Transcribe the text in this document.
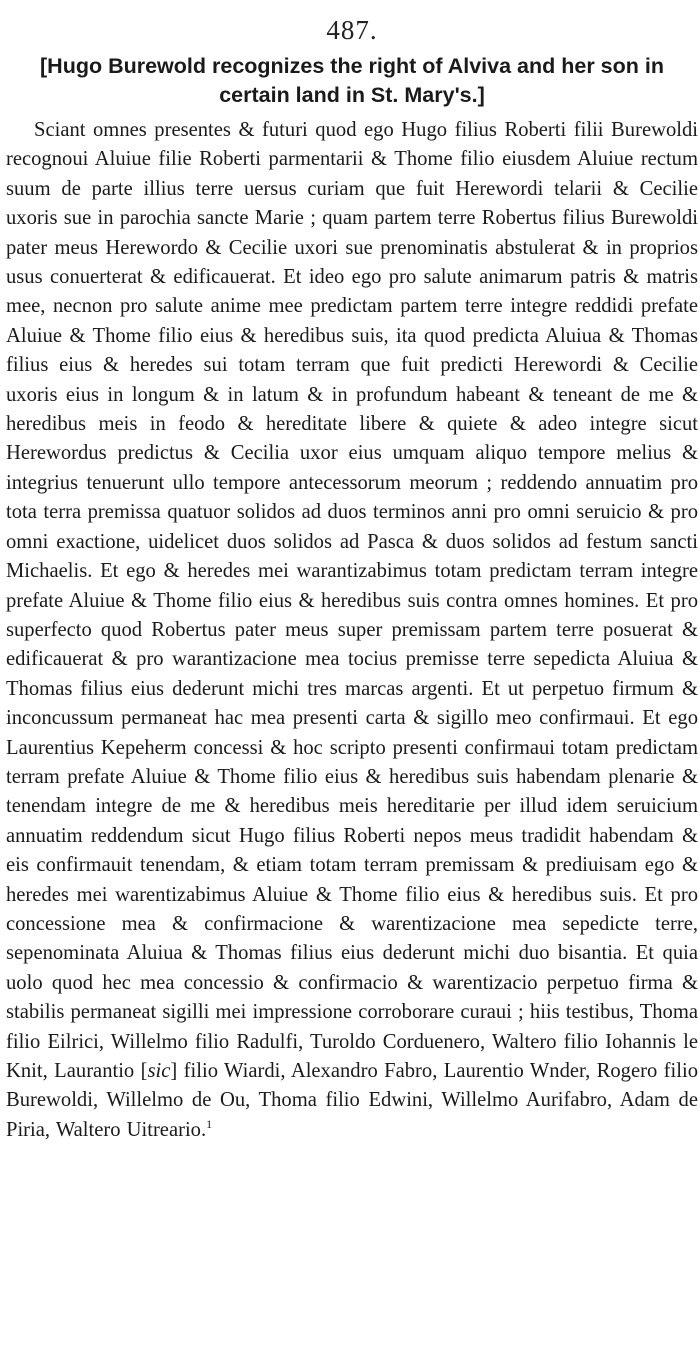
487.
[Hugo Burewold recognizes the right of Alviva and her son in certain land in St. Mary's.]

Sciant omnes presentes & futuri quod ego Hugo filius Roberti filii Burewoldi recognoui Aluiue filie Roberti parmentarii & Thome filio eiusdem Aluiue rectum suum de parte illius terre uersus curiam que fuit Herewordi telarii & Cecilie uxoris sue in parochia sancte Marie ; quam partem terre Robertus filius Burewoldi pater meus Herewordo & Cecilie uxori sue prenominatis abstulerat & in proprios usus conuerterat & edificauerat. Et ideo ego pro salute animarum patris & matris mee, necnon pro salute anime mee predictam partem terre integre reddidi prefate Aluiue & Thome filio eius & heredibus suis, ita quod predicta Aluiua & Thomas filius eius & heredes sui totam terram que fuit predicti Herewordi & Cecilie uxoris eius in longum & in latum & in profundum habeant & teneant de me & heredibus meis in feodo & hereditate libere & quiete & adeo integre sicut Herewordus predictus & Cecilia uxor eius umquam aliquo tempore melius & integrius tenuerunt ullo tempore antecessorum meorum ; reddendo annuatim pro tota terra premissa quatuor solidos ad duos terminos anni pro omni seruicio & pro omni exactione, uidelicet duos solidos ad Pasca & duos solidos ad festum sancti Michaelis. Et ego & heredes mei warantizabimus totam predictam terram integre prefate Aluiue & Thome filio eius & heredibus suis contra omnes homines. Et pro superfecto quod Robertus pater meus super premissam partem terre posuerat & edificauerat & pro warantizacione mea tocius premisse terre sepedicta Aluiua & Thomas filius eius dederunt michi tres marcas argenti. Et ut perpetuo firmum & inconcussum permaneat hac mea presenti carta & sigillo meo confirmaui. Et ego Laurentius Kepeherm concessi & hoc scripto presenti confirmaui totam predictam terram prefate Aluiue & Thome filio eius & heredibus suis habendam plenarie & tenendam integre de me & heredibus meis hereditarie per illud idem seruicium annuatim reddendum sicut Hugo filius Roberti nepos meus tradidit habendam & eis confirmauit tenendam, & etiam totam terram premissam & prediuisam ego & heredes mei warentizabimus Aluiue & Thome filio eius & heredibus suis. Et pro concessione mea & confirmacione & warentizacione mea sepedicte terre, sepenominata Aluiua & Thomas filius eius dederunt michi duo bisantia. Et quia uolo quod hec mea concessio & confirmacio & warentizacio perpetuo firma & stabilis permaneat sigilli mei impressione corroborare curaui ; hiis testibus, Thoma filio Eilrici, Willelmo filio Radulfi, Turoldo Corduenero, Waltero filio Iohannis le Knit, Laurantio [sic] filio Wiardi, Alexandro Fabro, Laurentio Wnder, Rogero filio Burewoldi, Willelmo de Ou, Thoma filio Edwini, Willelmo Aurifabro, Adam de Piria, Waltero Uitreario.$^1$
